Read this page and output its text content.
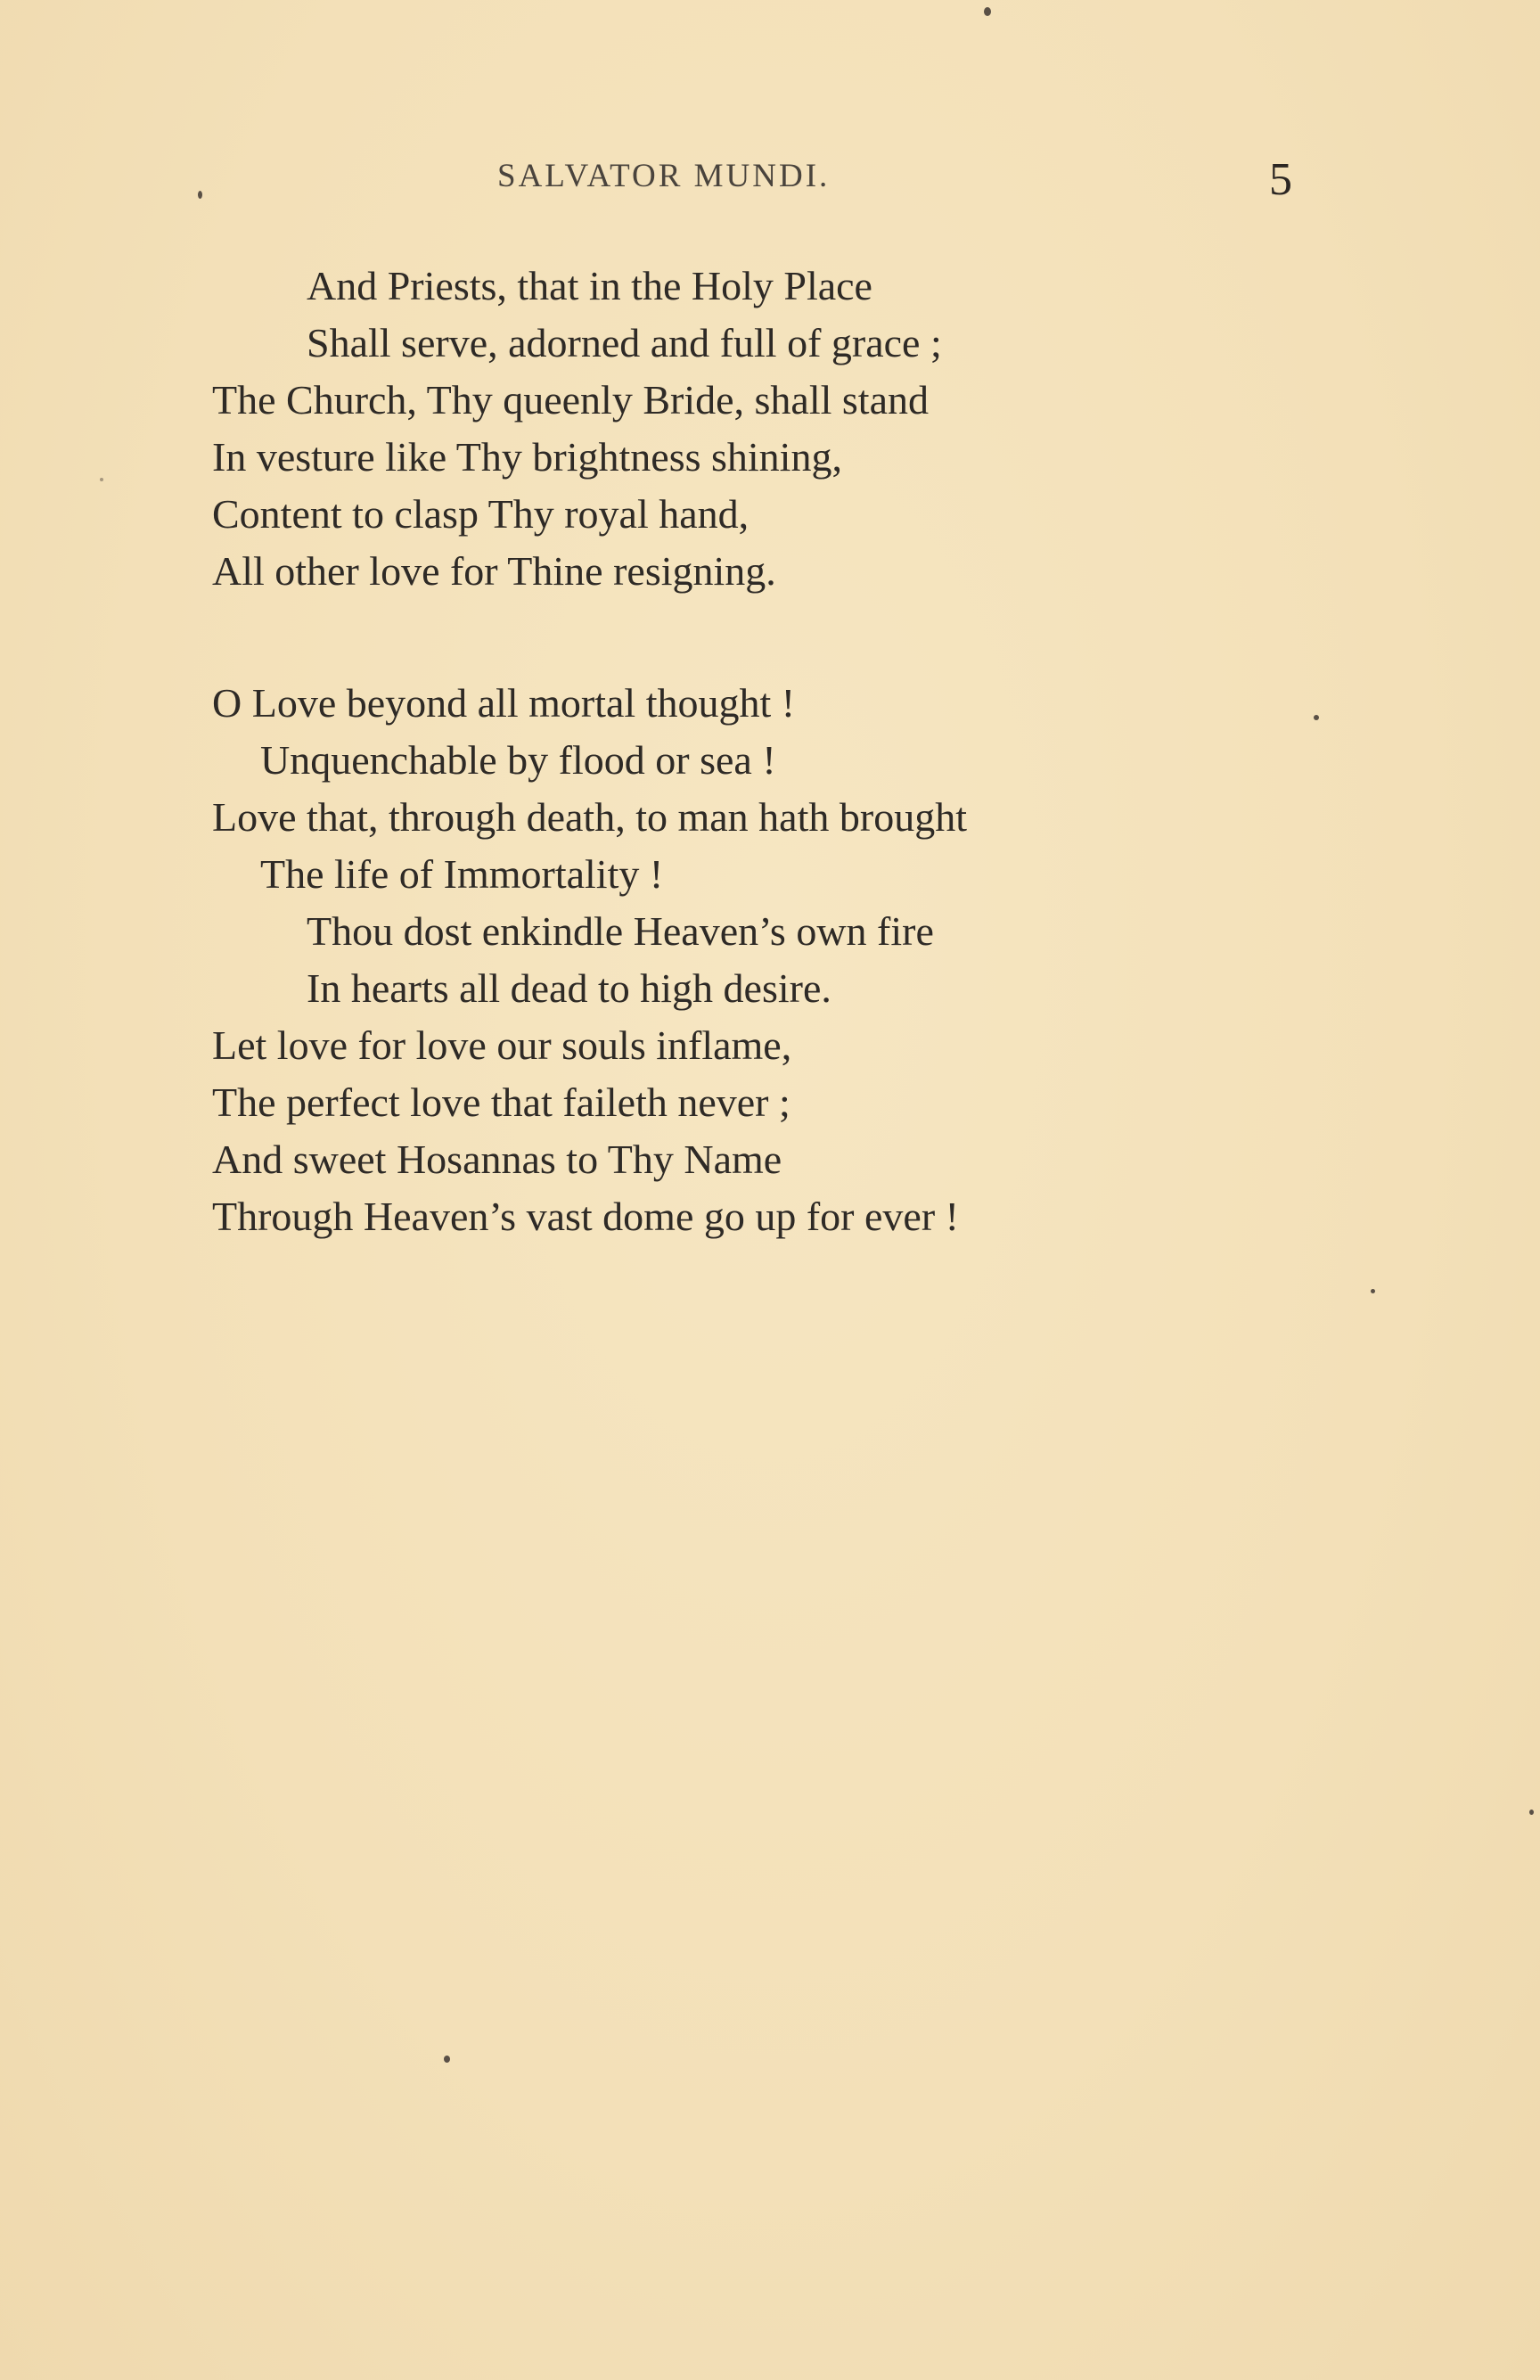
SALVATOR MUNDI.	5
And Priests, that in the Holy Place
Shall serve, adorned and full of grace ;
The Church, Thy queenly Bride, shall stand
In vesture like Thy brightness shining,
Content to clasp Thy royal hand,
All other love for Thine resigning.
O Love beyond all mortal thought !
Unquenchable by flood or sea !
Love that, through death, to man hath brought
The life of Immortality !
Thou dost enkindle Heaven’s own fire
In hearts all dead to high desire.
Let love for love our souls inflame,
The perfect love that faileth never ;
And sweet Hosannas to Thy Name
Through Heaven’s vast dome go up for ever !
